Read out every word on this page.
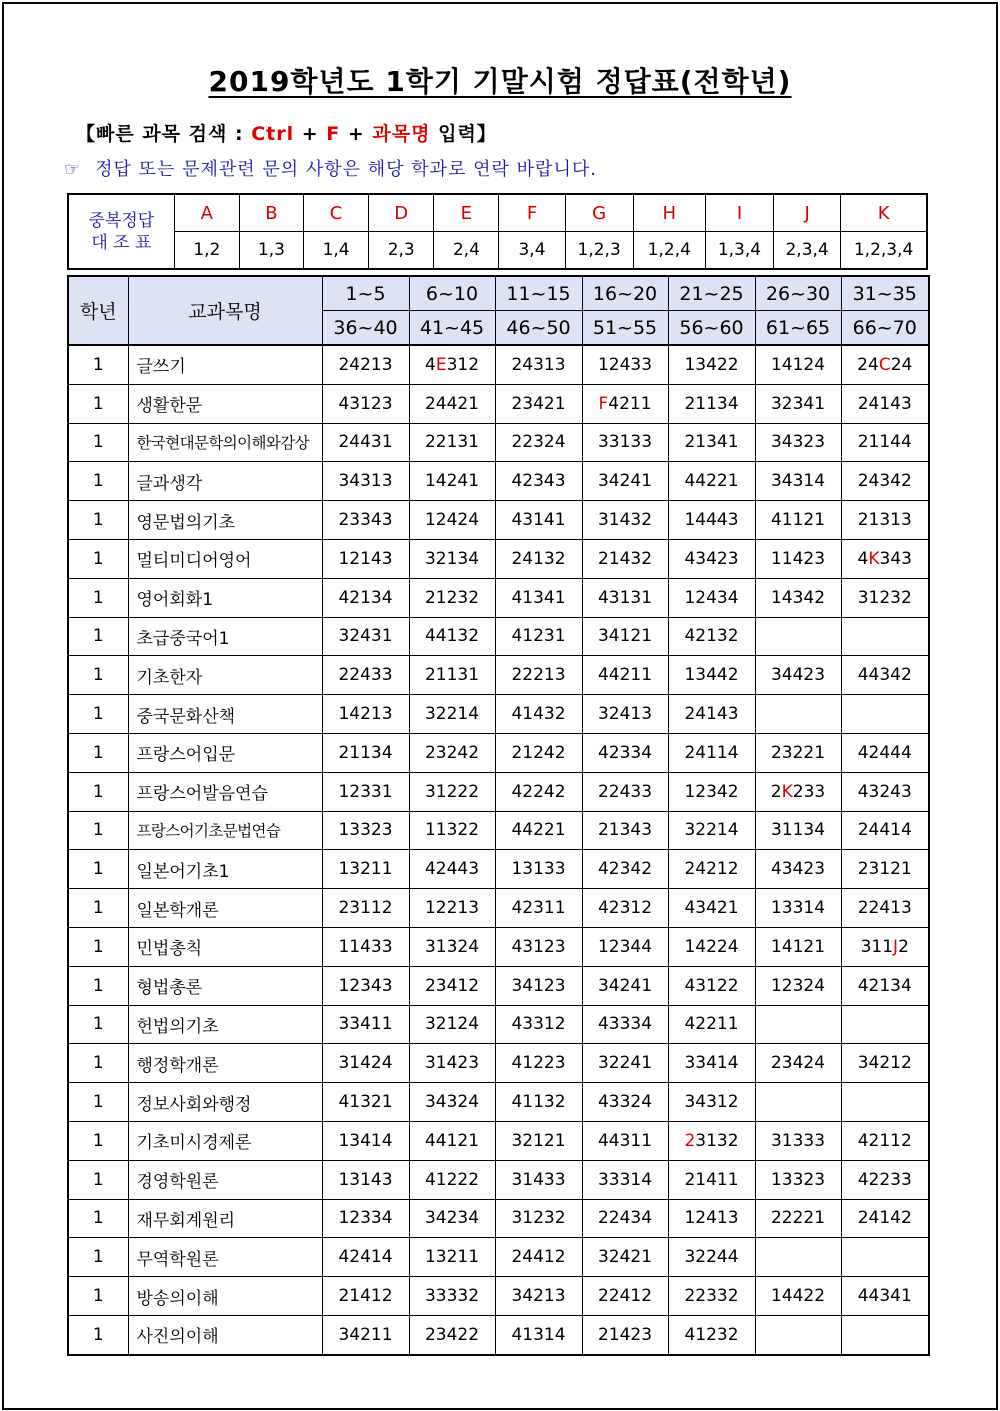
2019학년도 1학기 기말시험 정답표(전학년)
【빠른 과목 검색 : Ctrl + F + 과목명 입력】
☞ 정답 또는 문제관련 문의 사항은 해당 학과로 연락 바랍니다.
중복정답
대 조 표	A	B	C	D	E	F	G	H	I	J	K
	1,2	1,3	1,4	2,3	2,4	3,4	1,2,3	1,2,4	1,3,4	2,3,4	1,2,3,4
학년	교과목명	1~5	6~10	11~15	16~20	21~25	26~30	31~35
		36~40	41~45	46~50	51~55	56~60	61~65	66~70
1	글쓰기	24213	4E312	24313	12433	13422	14124	24C24
1	생활한문	43123	24421	23421	F4211	21134	32341	24143
1	한국현대문학의이해와감상	24431	22131	22324	33133	21341	34323	21144
1	글과생각	34313	14241	42343	34241	44221	34314	24342
1	영문법의기초	23343	12424	43141	31432	14443	41121	21313
1	멀티미디어영어	12143	32134	24132	21432	43423	11423	4K343
1	영어회화1	42134	21232	41341	43131	12434	14342	31232
1	초급중국어1	32431	44132	41231	34121	42132		
1	기초한자	22433	21131	22213	44211	13442	34423	44342
1	중국문화산책	14213	32214	41432	32413	24143		
1	프랑스어입문	21134	23242	21242	42334	24114	23221	42444
1	프랑스어발음연습	12331	31222	42242	22433	12342	2K233	43243
1	프랑스어기초문법연습	13323	11322	44221	21343	32214	31134	24414
1	일본어기초1	13211	42443	13133	42342	24212	43423	23121
1	일본학개론	23112	12213	42311	42312	43421	13314	22413
1	민법총칙	11433	31324	43123	12344	14224	14121	311J2
1	형법총론	12343	23412	34123	34241	43122	12324	42134
1	헌법의기초	33411	32124	43312	43334	42211		
1	행정학개론	31424	31423	41223	32241	33414	23424	34212
1	정보사회와행정	41321	34324	41132	43324	34312		
1	기초미시경제론	13414	44121	32121	44311	23132	31333	42112
1	경영학원론	13143	41222	31433	33314	21411	13323	42233
1	재무회계원리	12334	34234	31232	22434	12413	22221	24142
1	무역학원론	42414	13211	24412	32421	32244		
1	방송의이해	21412	33332	34213	22412	22332	14422	44341
1	사진의이해	34211	23422	41314	21423	41232		
